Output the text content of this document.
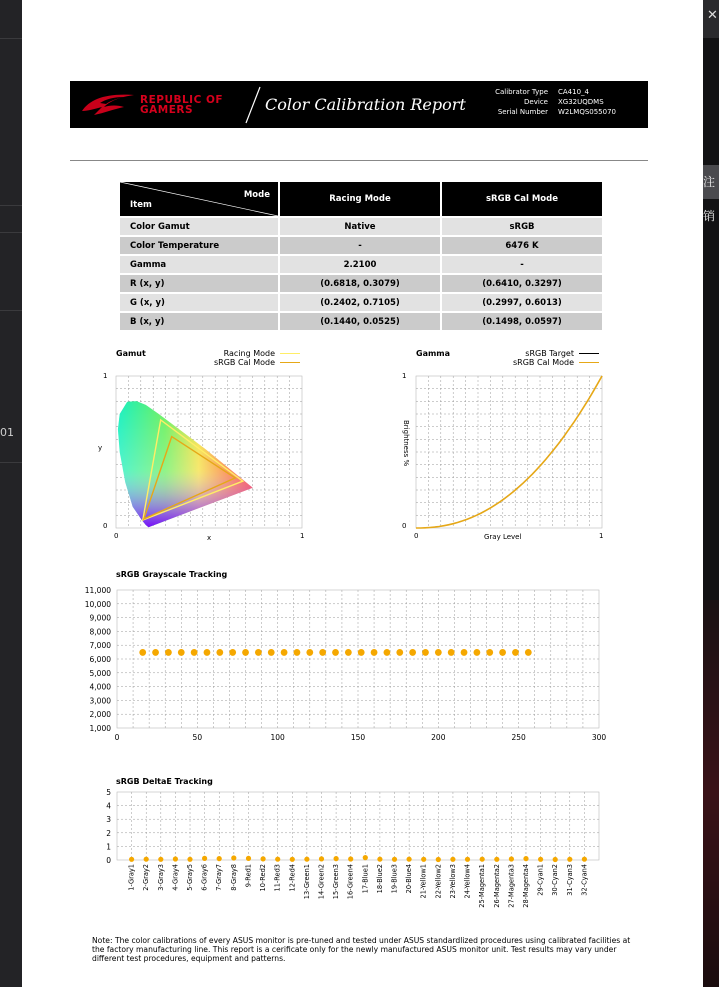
01
✕
注销
REPUBLIC OF
GAMERS	Color Calibration Report
Calibrator Type	CA410_4
Device	XG32UQDMS
Serial Number	W2LMQS055070
Mode
Item	Racing Mode	sRGB Cal Mode
Color Gamut	Native	sRGB
Color Temperature	-	6476 K
Gamma	2.2100	-
R (x, y)	(0.6818, 0.3079)	(0.6410, 0.3297)
G (x, y)	(0.2402, 0.7105)	(0.2997, 0.6013)
B (x, y)	(0.1440, 0.0525)	(0.1498, 0.0597)
Gamut	Racing Mode
sRGB Cal Mode
1
0
y
0	1
x
Gamma	sRGB Target
sRGB Cal Mode
1
0
Brightness %
0	1
Gray Level
sRGB Grayscale Tracking
1,000
2,000
3,000
4,000
5,000
6,000
7,000
8,000
9,000
10,000
11,000
0	50	100	150	200	250	300
sRGB DeltaE Tracking
0
1
2
3
4
5
1-Gray1 2-Gray2 3-Gray3 4-Gray4 5-Gray5 6-Gray6 7-Gray7 8-Gray8 9-Red1 10-Red2 11-Red3 12-Red4 13-Green1 14-Green2 15-Green3 16-Green4 17-Blue1 18-Blue2 19-Blue3 20-Blue4 21-Yellow1 22-Yellow2 23-Yellow3 24-Yellow4 25-Magenta1 26-Magenta2 27-Magenta3 28-Magenta4 29-Cyan1 30-Cyan2 31-Cyan3 32-Cyan4
Note: The color calibrations of every ASUS monitor is pre-tuned and tested under ASUS standardlized procedures using calibrated facilities at the factory manufacturing line. This report is a cerificate only for the newly manufactured ASUS monitor unit. Test results may vary under different test procedures, equipment and patterns.
